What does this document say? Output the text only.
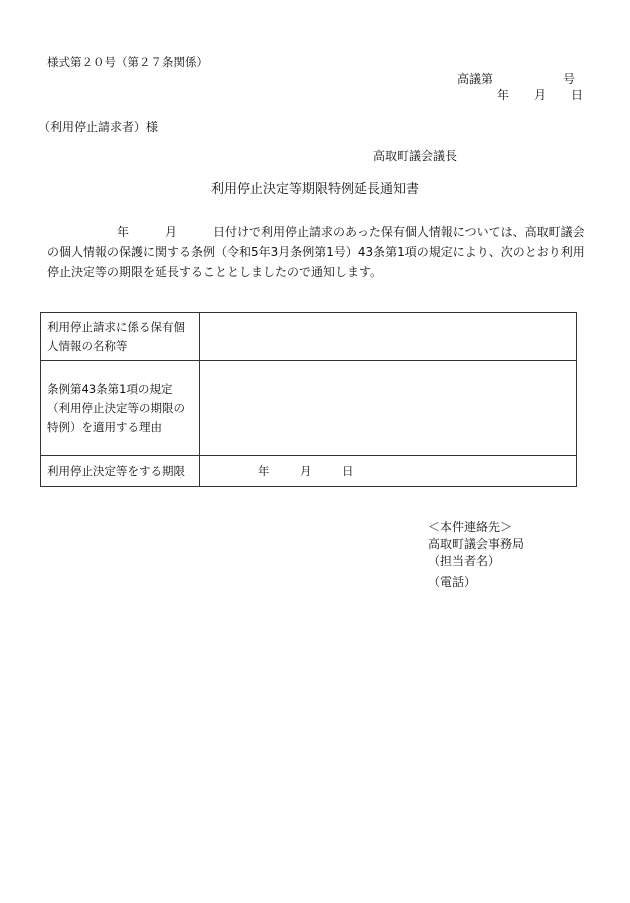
様式第２０号（第２７条関係）
高議第	号
年 月 日
（利用停止請求者）様
高取町議会議長
利用停止決定等期限特例延長通知書
年	月	日付けで利用停止請求のあった保有個人情報については、高取町議会の個人情報の保護に関する条例（令和5年3月条例第1号）43条第1項の規定により、次のとおり利用停止決定等の期限を延長することとしましたので通知します。
利用停止請求に係る保有個人情報の名称等	
条例第43条第1項の規定（利用停止決定等の期限の特例）を適用する理由	
利用停止決定等をする期限	年 月 日
＜本件連絡先＞
高取町議会事務局
（担当者名）
（電話）
